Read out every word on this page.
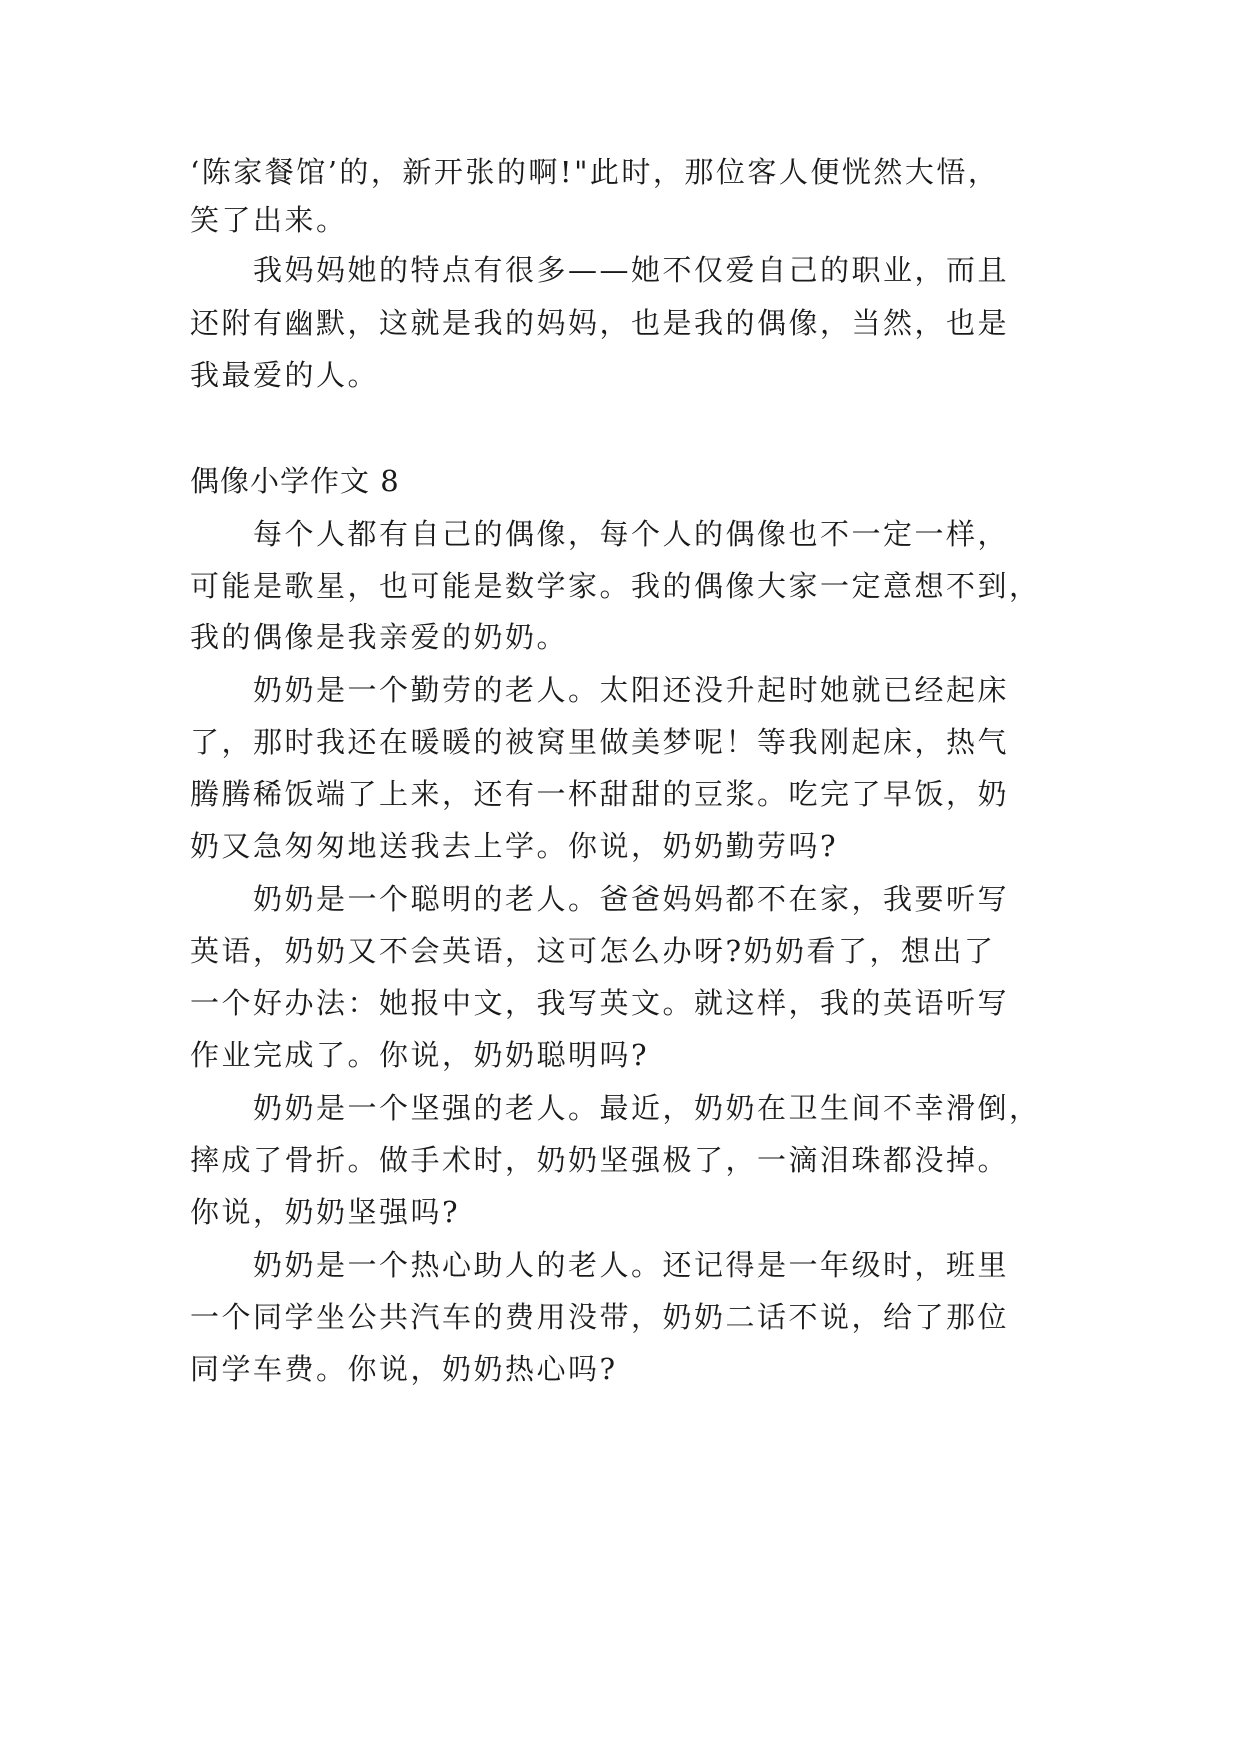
‘陈家餐馆’的，新开张的啊!"此时，那位客人便恍然大悟，
笑了出来。
我妈妈她的特点有很多——她不仅爱自己的职业，而且
还附有幽默，这就是我的妈妈，也是我的偶像，当然，也是
我最爱的人。
偶像小学作文 8
每个人都有自己的偶像，每个人的偶像也不一定一样，
可能是歌星，也可能是数学家。我的偶像大家一定意想不到，
我的偶像是我亲爱的奶奶。
奶奶是一个勤劳的老人。太阳还没升起时她就已经起床
了，那时我还在暖暖的被窝里做美梦呢！等我刚起床，热气
腾腾稀饭端了上来，还有一杯甜甜的豆浆。吃完了早饭，奶
奶又急匆匆地送我去上学。你说，奶奶勤劳吗?
奶奶是一个聪明的老人。爸爸妈妈都不在家，我要听写
英语，奶奶又不会英语，这可怎么办呀?奶奶看了，想出了
一个好办法：她报中文，我写英文。就这样，我的英语听写
作业完成了。你说，奶奶聪明吗?
奶奶是一个坚强的老人。最近，奶奶在卫生间不幸滑倒，
摔成了骨折。做手术时，奶奶坚强极了，一滴泪珠都没掉。
你说，奶奶坚强吗?
奶奶是一个热心助人的老人。还记得是一年级时，班里
一个同学坐公共汽车的费用没带，奶奶二话不说，给了那位
同学车费。你说，奶奶热心吗?
